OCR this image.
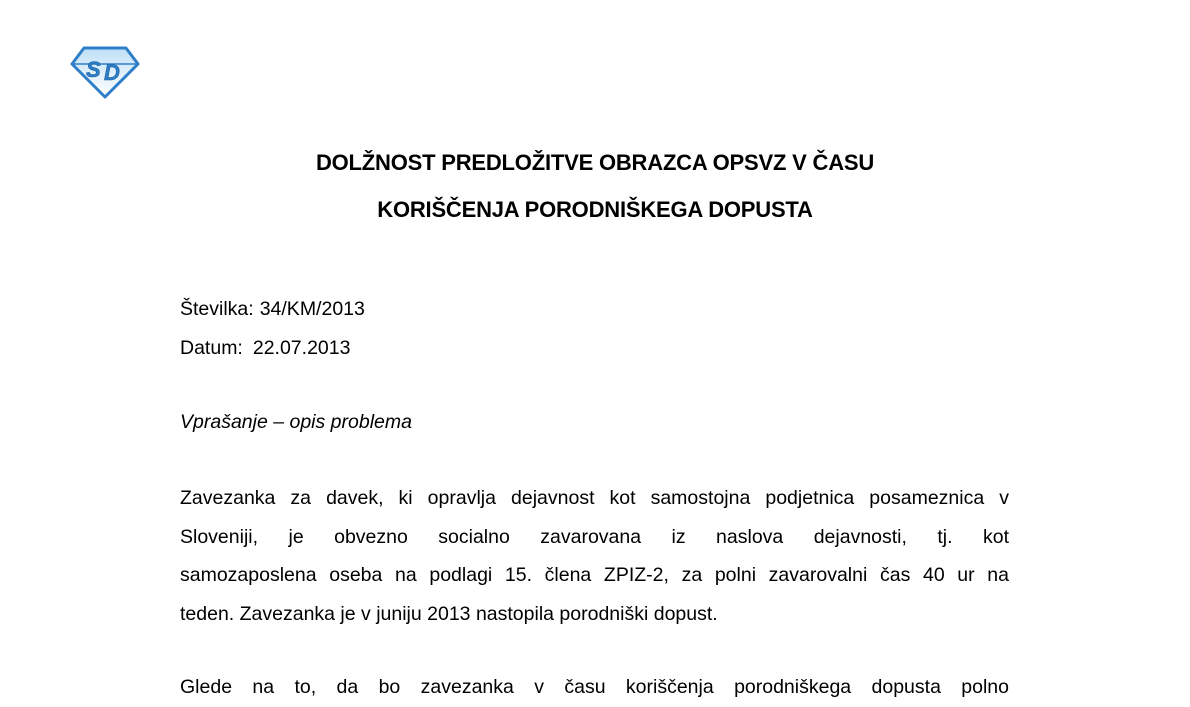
S D
DOLŽNOST PREDLOŽITVE OBRAZCA OPSVZ V ČASU
KORIŠČENJA PORODNIŠKEGA DOPUSTA
Številka: 34/KM/2013
Datum: 22.07.2013
Vprašanje – opis problema
Zavezanka za davek, ki opravlja dejavnost kot samostojna podjetnica posameznica v
Sloveniji, je obvezno socialno zavarovana iz naslova dejavnosti, tj. kot
samozaposlena oseba na podlagi 15. člena ZPIZ-2, za polni zavarovalni čas 40 ur na
teden. Zavezanka je v juniju 2013 nastopila porodniški dopust.
Glede na to, da bo zavezanka v času koriščenja porodniškega dopusta polno
